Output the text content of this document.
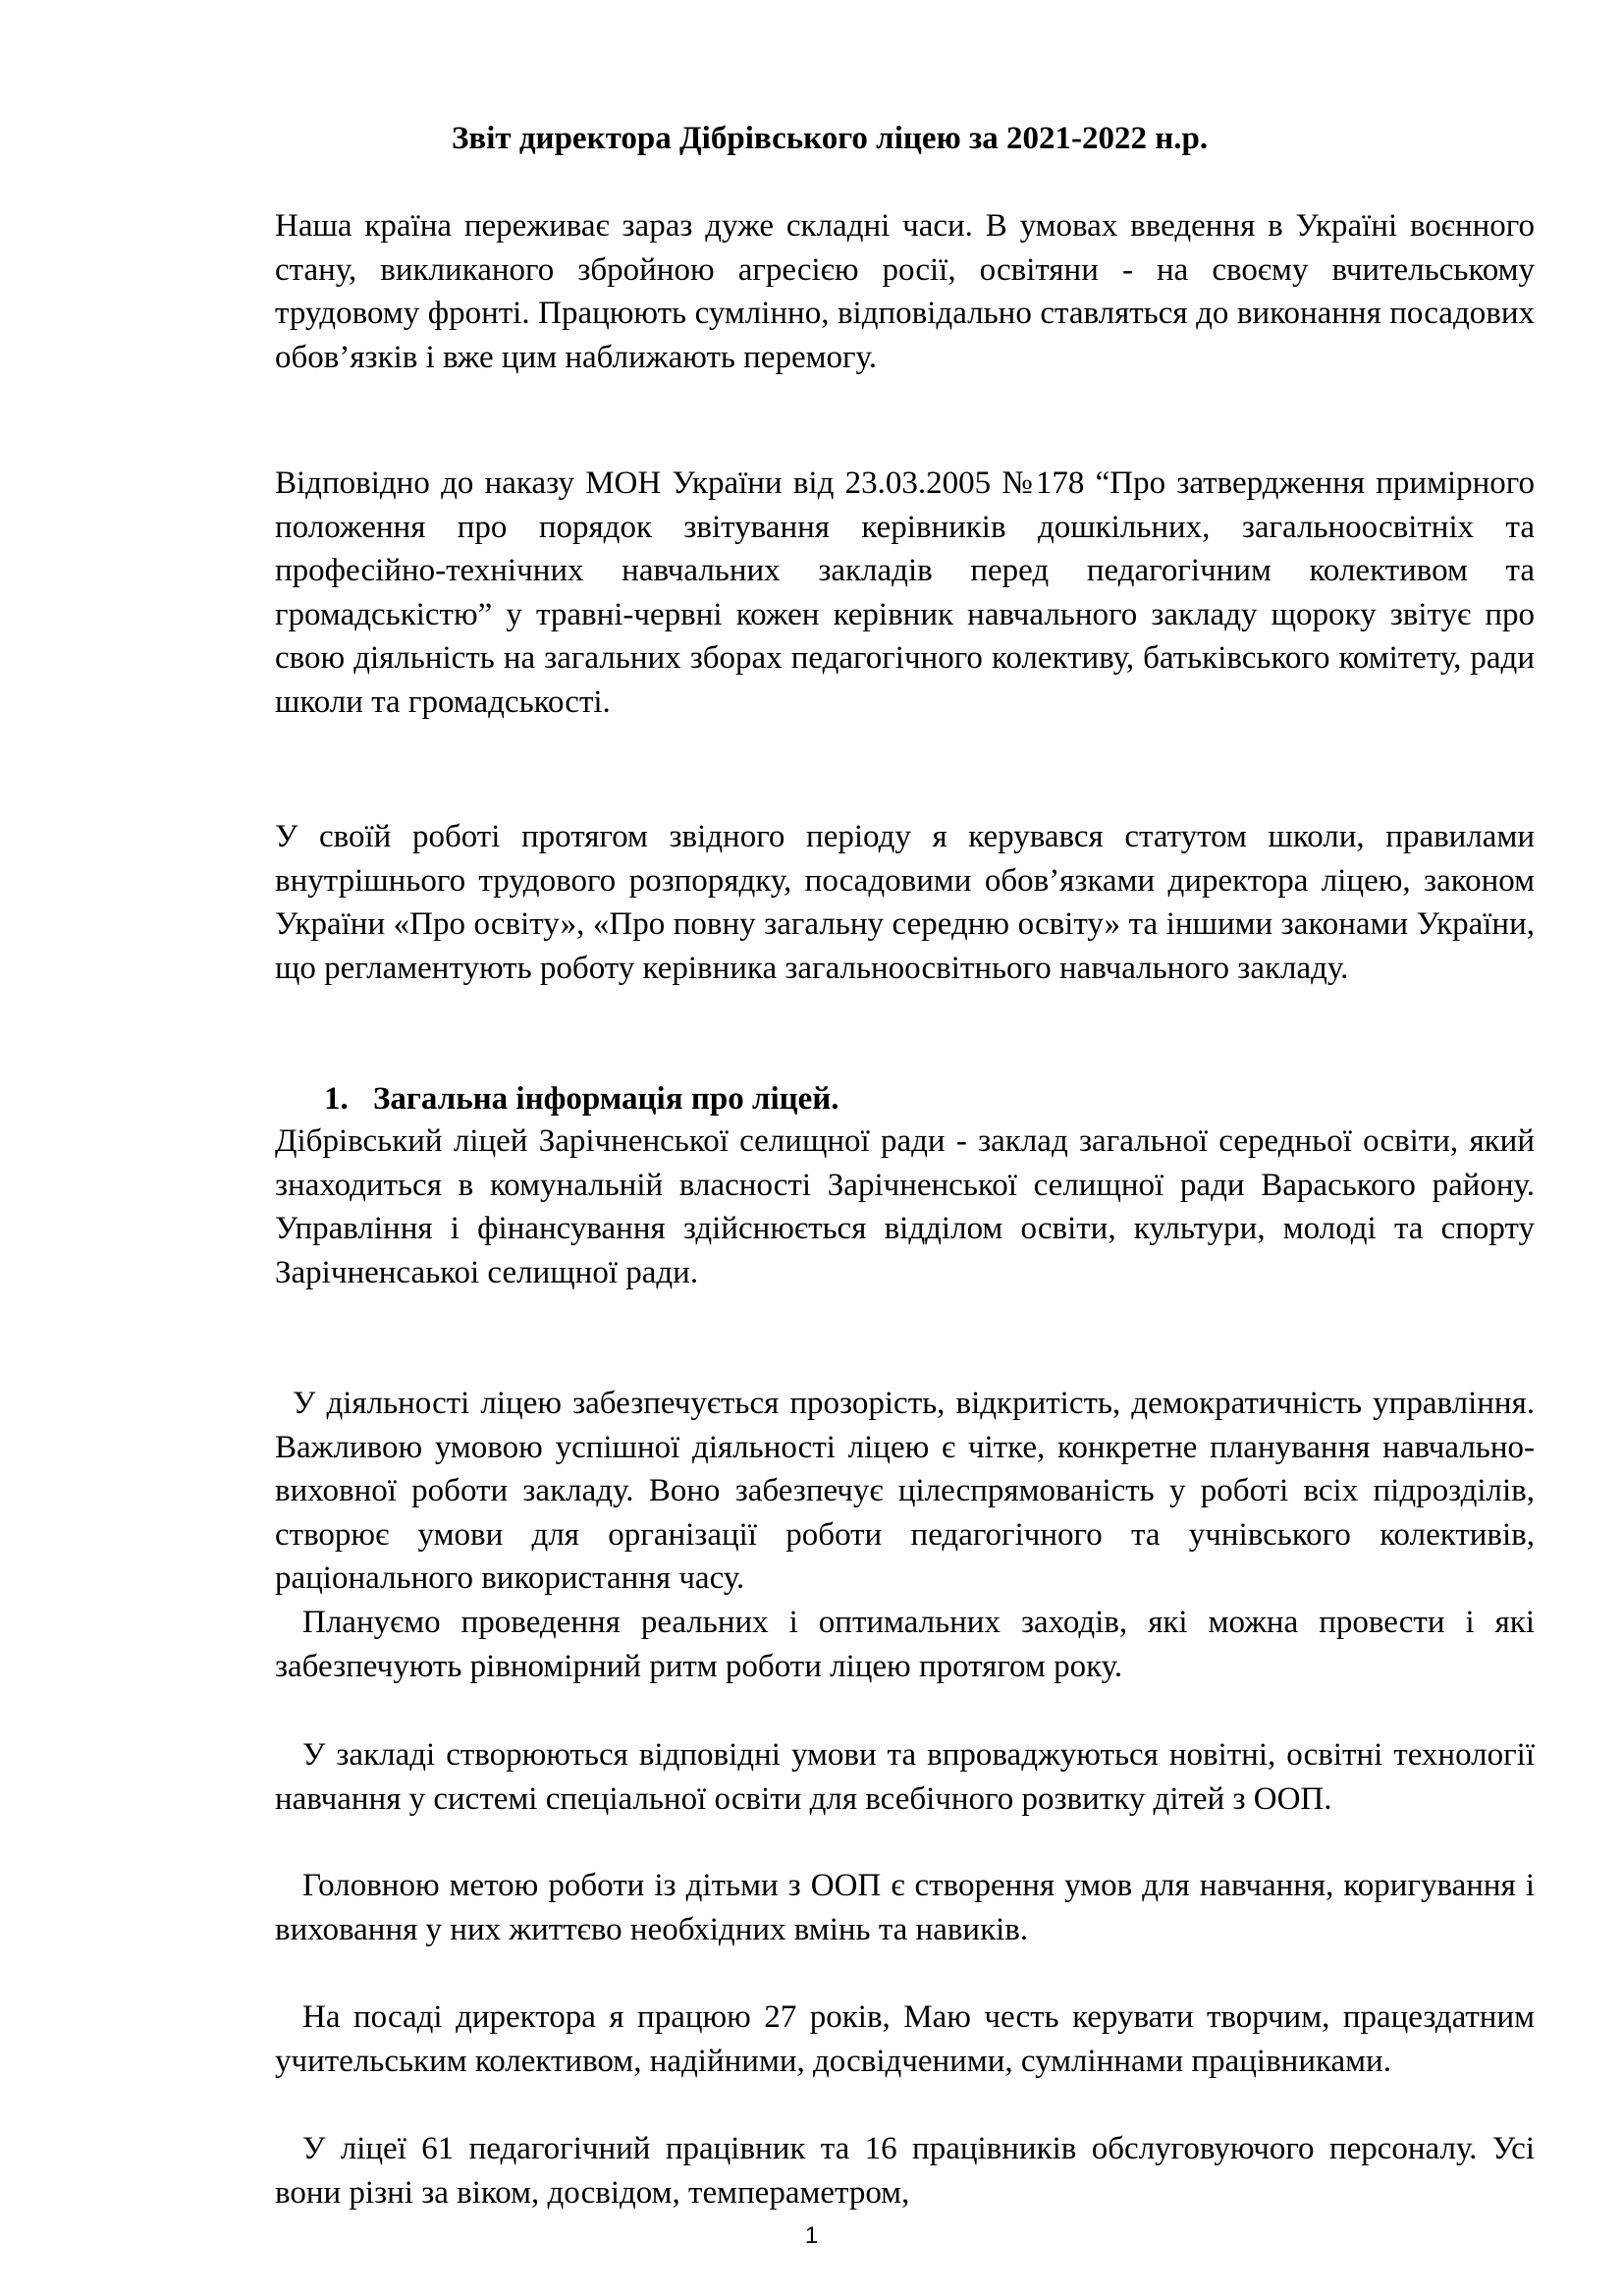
Звіт директора Дібрівського ліцею за 2021-2022 н.р.

Наша країна переживає зараз дуже складні часи. В умовах введення в Україні воєнного стану, викликаного збройною агресією росії, освітяни - на своєму вчительському трудовому фронті. Працюють сумлінно, відповідально ставляться до виконання посадових обов’язків і вже цим наближають перемогу.

Відповідно до наказу МОН України від 23.03.2005 №178 “Про затвердження примірного положення про порядок звітування керівників дошкільних, загальноосвітніх та професійно-технічних навчальних закладів перед педагогічним колективом та громадськістю” у травні-червні кожен керівник навчального закладу щороку звітує про свою діяльність на загальних зборах педагогічного колективу, батьківського комітету, ради школи та громадськості.

У своїй роботі протягом звідного періоду я керувався статутом школи, правилами внутрішнього трудового розпорядку, посадовими обов’язками директора ліцею, законом України «Про освіту», «Про повну загальну середню освіту» та іншими законами України, що регламентують роботу керівника загальноосвітнього навчального закладу.

1. Загальна інформація про ліцей.

Дібрівський ліцей Зарічненської селищної ради - заклад загальної середньої освіти, який знаходиться в комунальній власності Зарічненської селищної ради Вараського району. Управління і фінансування здійснюється відділом освіти, культури, молоді та спорту Зарічненсаькоі селищної ради.

У діяльності ліцею забезпечується прозорість, відкритість, демократичність управління. Важливою умовою успішної діяльності ліцею є чітке, конкретне планування навчально-виховної роботи закладу. Воно забезпечує цілеспрямованість у роботі всіх підрозділів, створює умови для організації роботи педагогічного та учнівського колективів, раціонального використання часу.

Плануємо проведення реальних і оптимальних заходів, які можна провести і які забезпечують рівномірний ритм роботи ліцею протягом року.

У закладі створюються відповідні умови та впроваджуються новітні, освітні технології навчання у системі спеціальної освіти для всебічного розвитку дітей з ООП.

Головною метою роботи із дітьми з ООП є створення умов для навчання, коригування і виховання у них життєво необхідних вмінь та навиків.

На посаді директора я працюю 27 років, Маю честь керувати творчим, працездатним учительським колективом, надійними, досвідченими, сумліннами працівниками.

У ліцеї 61 педагогічний працівник та 16 працівників обслуговуючого персоналу. Усі вони різні за віком, досвідом, темпераметром,

1
